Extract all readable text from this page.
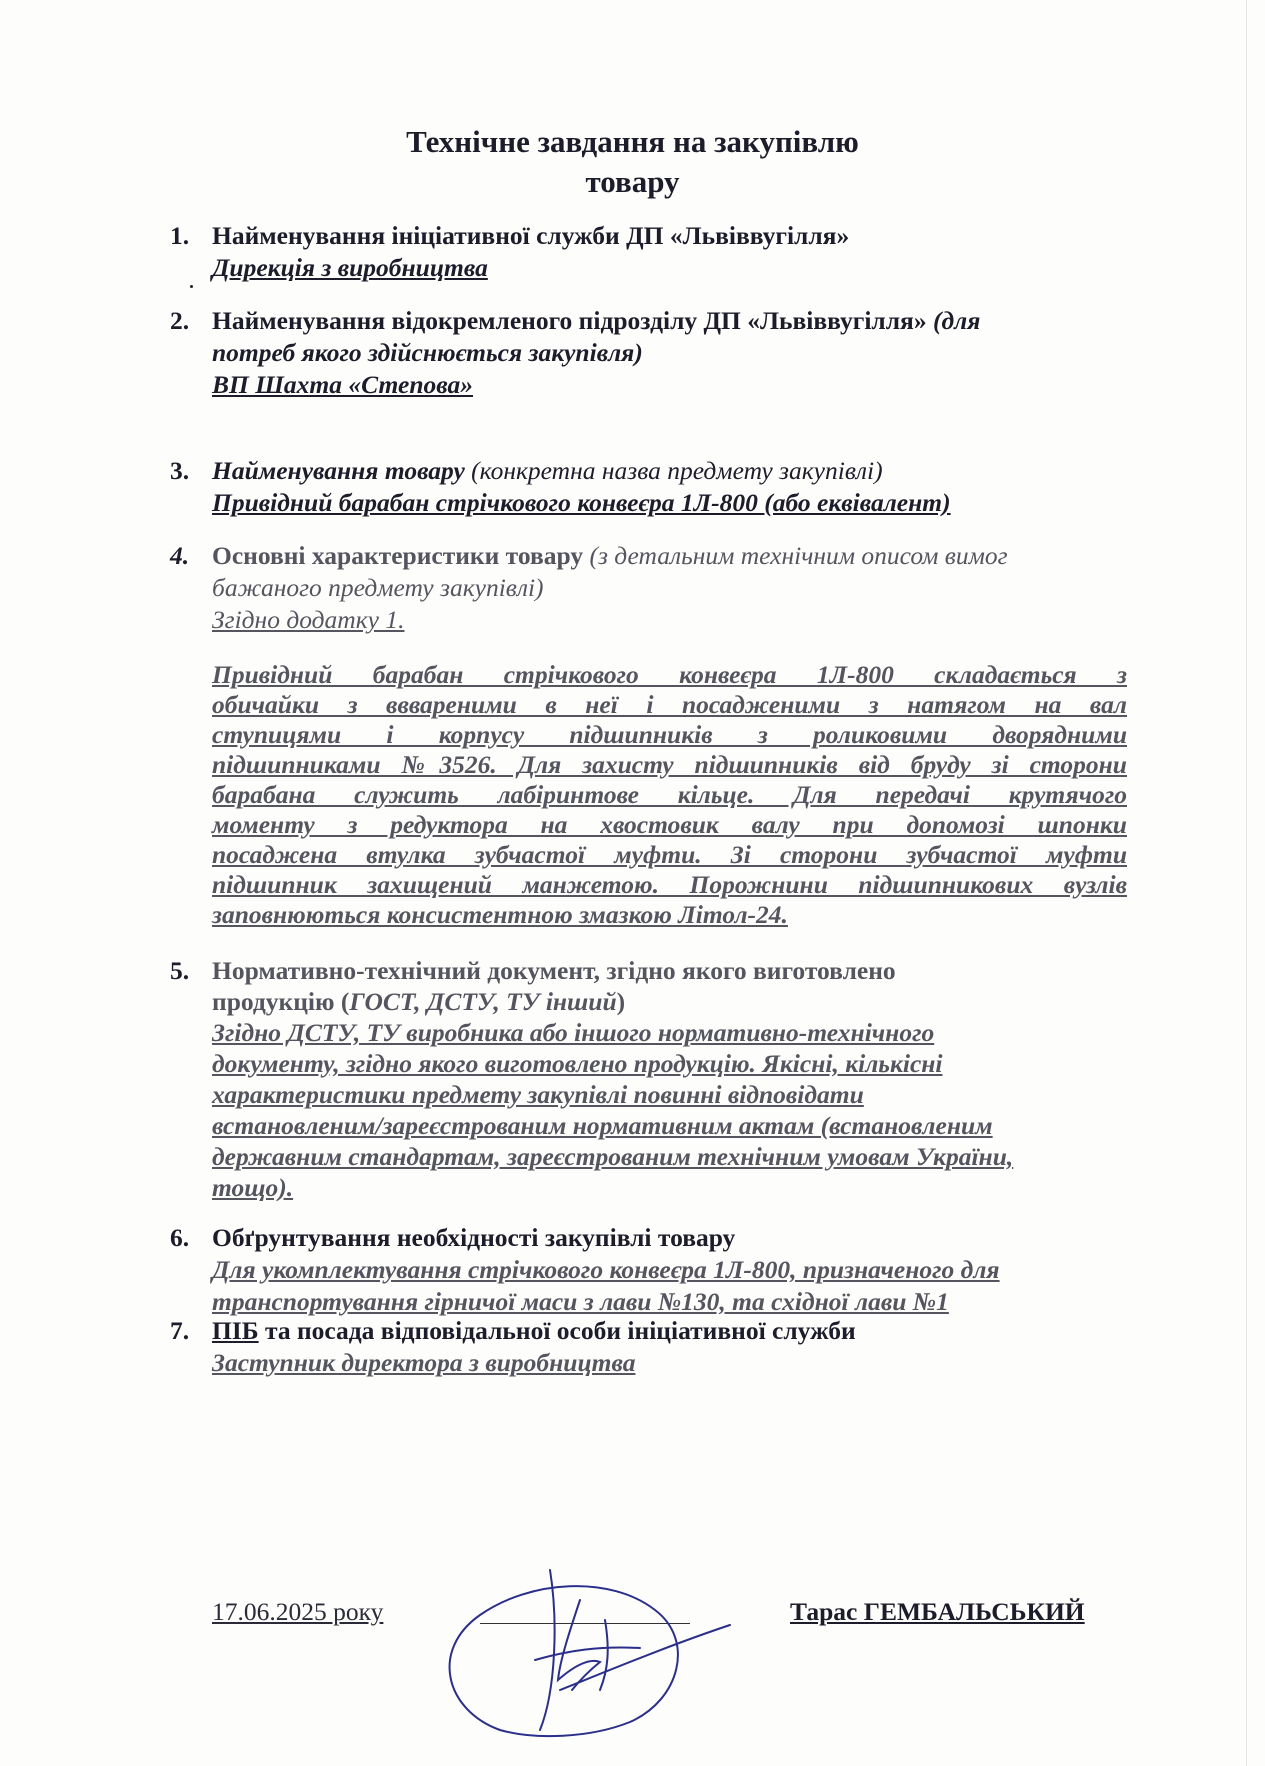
Технічне завдання на закупівлю
товару
1. Найменування ініціативної служби ДП «Львіввугілля»
Дирекція з виробництва
2. Найменування відокремленого підрозділу ДП «Львіввугілля» (для
потреб якого здійснюється закупівля)
ВП Шахта «Степова»
3. Найменування товару (конкретна назва предмету закупівлі)
Привідний барабан стрічкового конвеєра 1Л-800 (або еквівалент)
4. Основні характеристики товару (з детальним технічним описом вимог
бажаного предмету закупівлі)
Згідно додатку 1.
Привідний барабан стрічкового конвеєра 1Л-800 складається з
обичайки з вввареними в неї і посадженими з натягом на вал
ступицями і корпусу підшипників з роликовими дворядними
підшипниками №3526. Для захисту підшипників від бруду зі сторони
барабана служить лабіринтове кільце. Для передачі крутячого
моменту з редуктора на хвостовик валу при допомозі шпонки
посаджена втулка зубчастої муфти. Зі сторони зубчастої муфти
підшипник захищений манжетою. Порожнини підшипникових вузлів
заповнюються консистентною змазкою Літол-24.
5. Нормативно-технічний документ, згідно якого виготовлено
продукцію (ГОСТ, ДСТУ, ТУ інший)
Згідно ДСТУ, ТУ виробника або іншого нормативно-технічного
документу, згідно якого виготовлено продукцію. Якісні, кількісні
характеристики предмету закупівлі повинні відповідати
встановленим/зареєстрованим нормативним актам (встановленим
державним стандартам, зареєстрованим технічним умовам України,
тощо).
6. Обґрунтування необхідності закупівлі товару
Для укомплектування стрічкового конвеєра 1Л-800, призначеного для
транспортування гірничої маси з лави №130, та східної лави №1
7. ПІБ та посада відповідальної особи ініціативної служби
Заступник директора з виробництва
17.06.2025 року	Тарас ГЕМБАЛЬСЬКИЙ
